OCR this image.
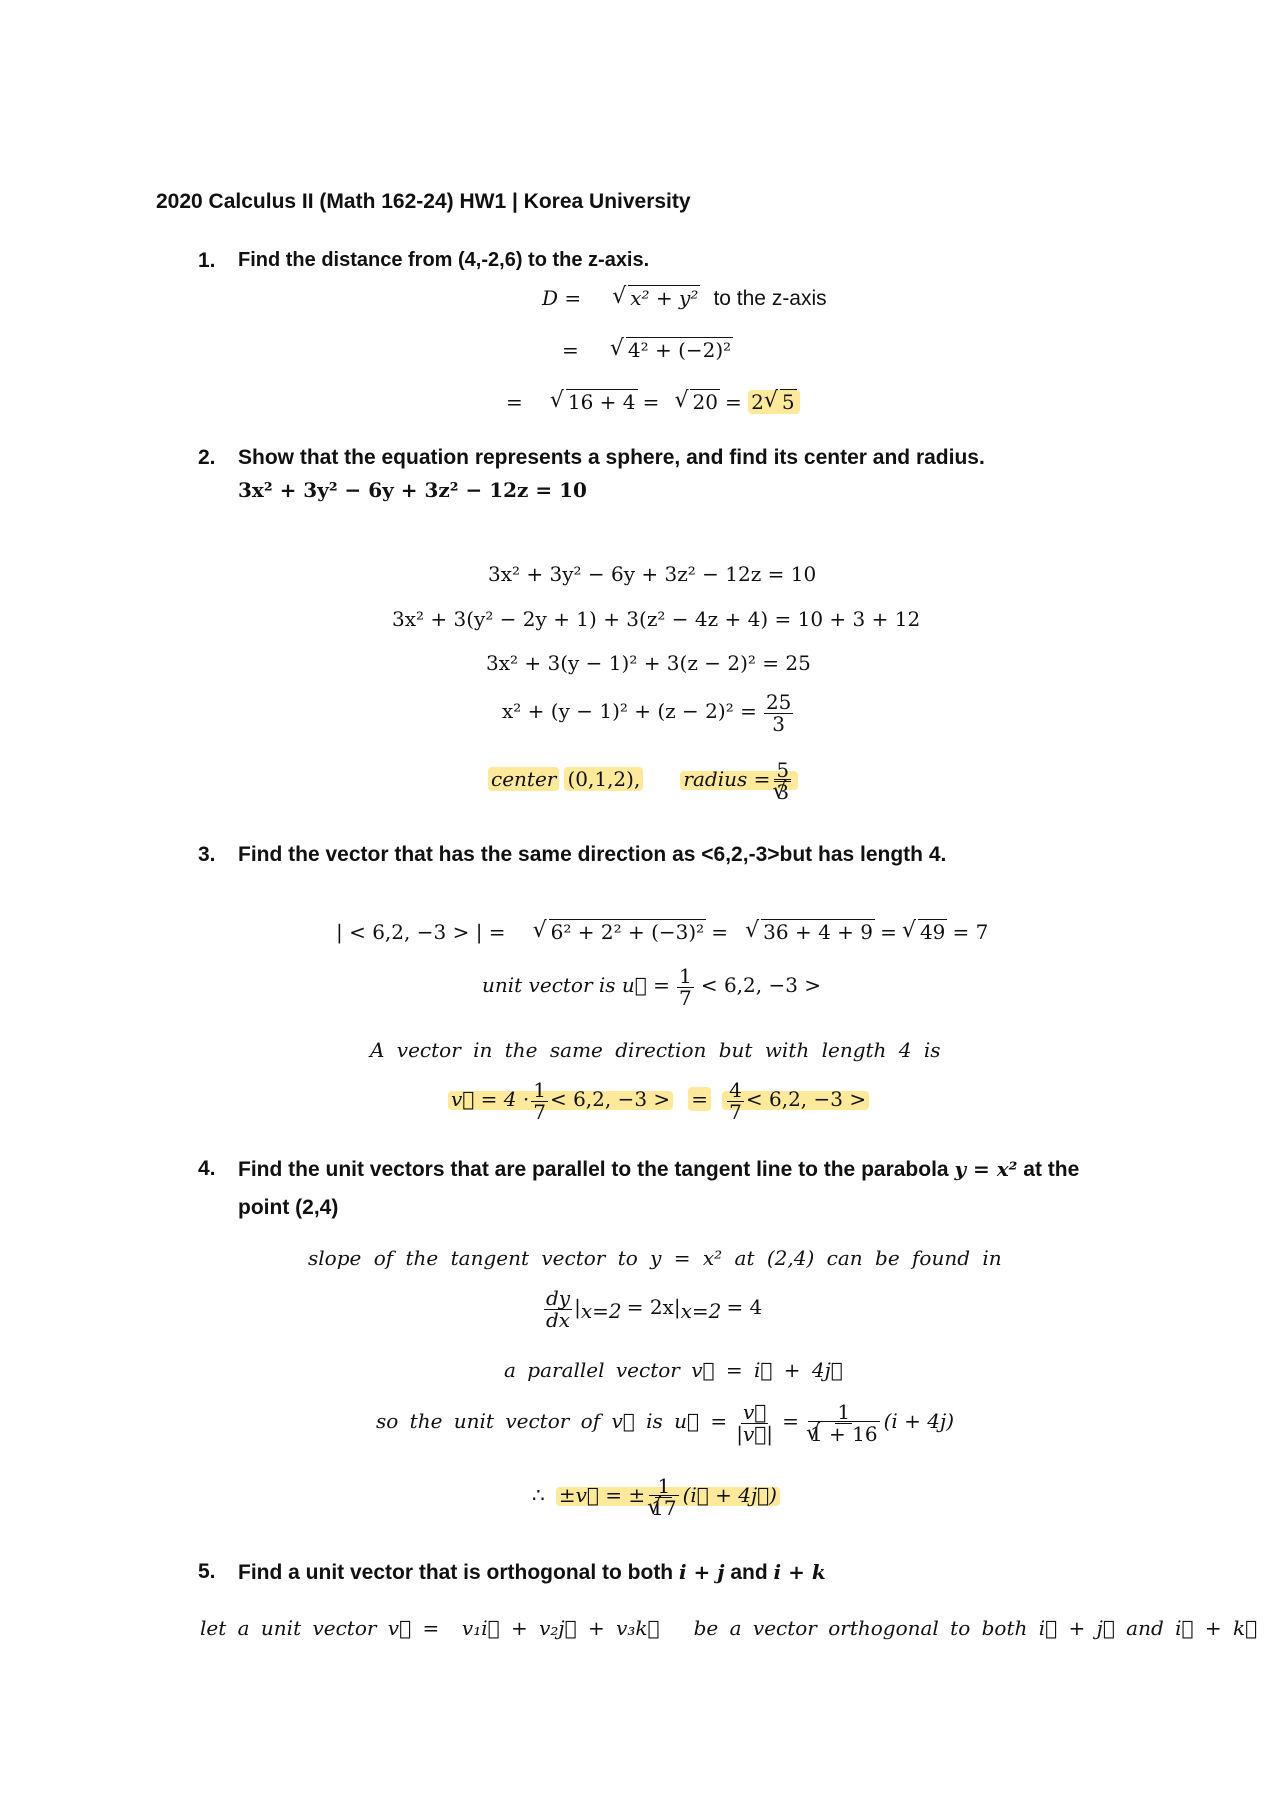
2020 Calculus II (Math 162-24) HW1 | Korea University
1. Find the distance from (4,-2,6) to the z-axis.
D = √ x² + y² to the z-axis
= √ 4² + (−2)²
= √ 16 + 4 = √ 20 = 2 √ 5
2. Show that the equation represents a sphere, and find its center and radius.
3x² + 3y² − 6y + 3z² − 12z = 10
3x² + 3y² − 6y + 3z² − 12z = 10
3x² + 3(y² − 2y + 1) + 3(z² − 4z + 4) = 10 + 3 + 12
3x² + 3(y − 1)² + 3(z − 2)² = 25
$x^2 + (y - 1)^2 + (z - 2)^2 = \frac{25}{3}$
center (0,1,2), radius = 5
√ 3
3. Find the vector that has the same direction as <6,2,-3>but has length 4.
| < 6,2, −3 > | = √ 6² + 2² + (−3)² = √ 36 + 4 + 9 = √ 49 = 7
unit vector is u⃗ = $\frac{1}{7} < 6,2$, −3 >
A vector in the same direction but with length 4 is
v⃗ = $4 \cdot \frac{1}{7} < 6,2$, −3 > = $\frac{4}{7} < 6,2$, −3 >
4. Find the unit vectors that are parallel to the tangent line to the parabola y = x² at the
point (2,4)
slope of the tangent vector to y = x² at (2,4) can be found in
$\frac{dy}{dx} |_{x=2} = 2x|_{x=2} = 4$
a parallel vector v⃗ = i⃗ + 4j⃗
so the unit vector of v⃗ is u⃗ = $\frac{v⃗}{|v⃗|} = 1$
√ 1 + 16 (i + 4j)
∴ ±v⃗ = ± 1
√ 17 (i⃗ + 4j⃗)
5. Find a unit vector that is orthogonal to both i + j and i + k
let a unit vector v⃗ =  v₁i⃗ + v₂j⃗ + v₃k⃗   be a vector orthogonal to both i⃗ + j⃗ and i⃗ + k⃗
